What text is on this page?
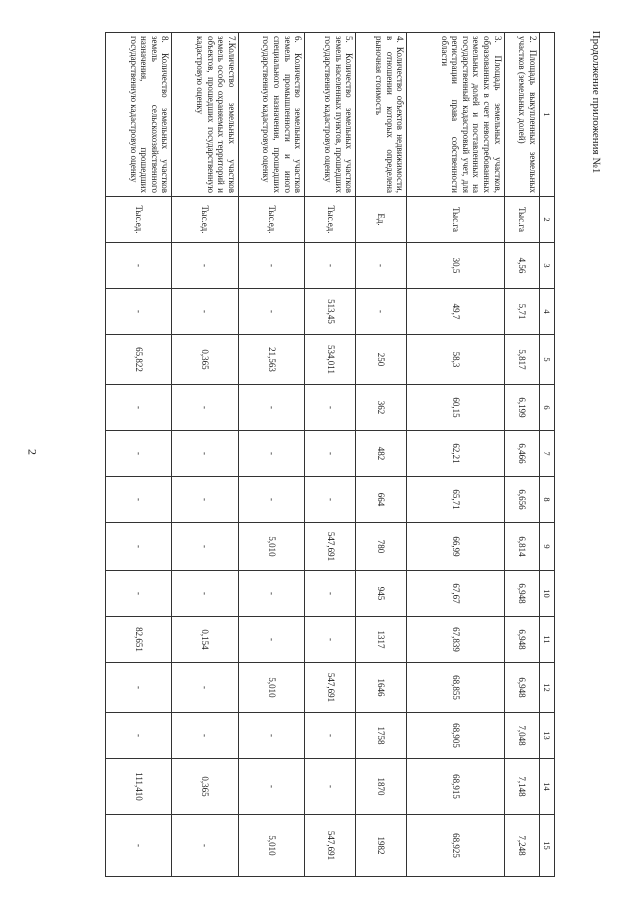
2
Продолжение приложения №1
1	2	3	4	5	6	7	8	9	10	11	12	13	14	15
2. Площадь выкупленных земельных участков (земельных долей)	Тыс.га	4,56	5,71	5,817	6,199	6,466	6,656	6,814	6,948	6,948	6,948	7,048	7,148	7,248
3. Площадь земельных участков, образованных в счет невостребованных земельных долей и поставленных на государственный кадастровый учет, для регистрации права собственности области	Тыс.га	30,5	49,7	58,3	60,15	62,21	65,71	66,99	67,67	67,839	68,855	68,905	68,915	68,925
4. Количество объектов недвижимости, в отношении которых определена рыночная стоимость	Ед.	-	-	250	362	482	664	780	945	1317	1646	1758	1870	1982
5. Количество земельных участков земель населенных пунктов, прошедших государственную кадастровую оценку	Тыс.ед.	-	513,45	534,011	-	-	-	547,691	-	-	547,691	-	-	547,691
6. Количество земельных участков земель промышленности и иного специального назначения, прошедших государственную кадастровую оценку	Тыс.ед.	-	-	21,563	-	-	-	5,010	-	-	5,010	-	-	5,010
7.Количество земельных участков земель особо охраняемых территорий и объектов, прошедших государственную кадастровую оценку	Тыс.ед.	-	-	0,365	-	-	-	-	-	0,154	-	-	0,365	-
8. Количество земельных участков земель сельскохозяйственного назначения, прошедших государственную кадастровую оценку	Тыс.ед.	-	-	65,822	-	-	-	-	-	82,651	-	-	111,410	-
